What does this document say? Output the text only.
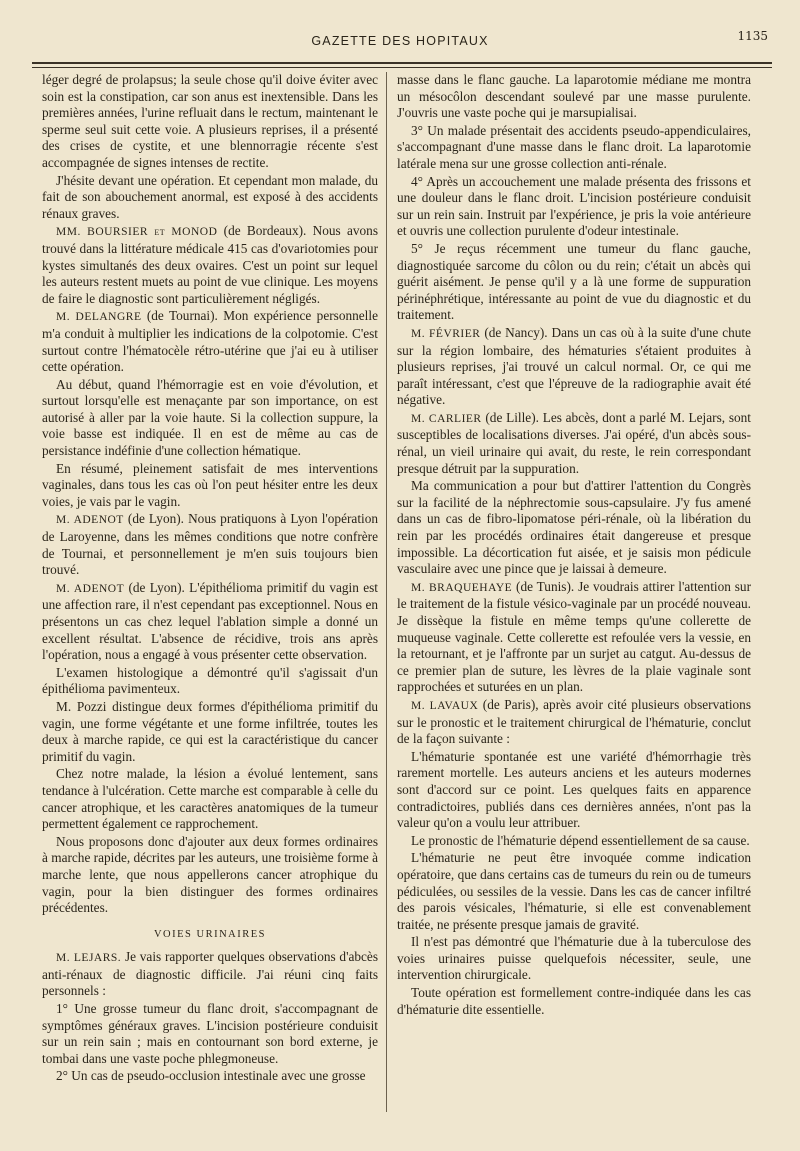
GAZETTE DES HOPITAUX	1135

léger degré de prolapsus; la seule chose qu'il doive éviter avec soin est la constipation, car son anus est inextensible. Dans les premières années, l'urine refluait dans le rectum, maintenant le sperme seul suit cette voie. A plusieurs reprises, il a présenté des crises de cystite, et une blennorragie récente s'est accompagnée de signes intenses de rectite.

J'hésite devant une opération. Et cependant mon malade, du fait de son abouchement anormal, est exposé à des accidents rénaux graves.

MM. BOURSIER et MONOD (de Bordeaux). Nous avons trouvé dans la littérature médicale 415 cas d'ovariotomies pour kystes simultanés des deux ovaires. C'est un point sur lequel les auteurs restent muets au point de vue clinique. Les moyens de faire le diagnostic sont particulièrement négligés.

M. DELANGRE (de Tournai). Mon expérience personnelle m'a conduit à multiplier les indications de la colpotomie. C'est surtout contre l'hématocèle rétro-utérine que j'ai eu à utiliser cette opération.

Au début, quand l'hémorragie est en voie d'évolution, et surtout lorsqu'elle est menaçante par son importance, on est autorisé à aller par la voie haute. Si la collection suppure, la voie basse est indiquée. Il en est de même au cas de persistance indéfinie d'une collection hématique.

En résumé, pleinement satisfait de mes interventions vaginales, dans tous les cas où l'on peut hésiter entre les deux voies, je vais par le vagin.

M. ADENOT (de Lyon). Nous pratiquons à Lyon l'opération de Laroyenne, dans les mêmes conditions que notre confrère de Tournai, et personnellement je m'en suis toujours bien trouvé.

M. ADENOT (de Lyon). L'épithélioma primitif du vagin est une affection rare, il n'est cependant pas exceptionnel. Nous en présentons un cas chez lequel l'ablation simple a donné un excellent résultat. L'absence de récidive, trois ans après l'opération, nous a engagé à vous présenter cette observation.

L'examen histologique a démontré qu'il s'agissait d'un épithélioma pavimenteux.

M. Pozzi distingue deux formes d'épithélioma primitif du vagin, une forme végétante et une forme infiltrée, toutes les deux à marche rapide, ce qui est la caractéristique du cancer primitif du vagin.

Chez notre malade, la lésion a évolué lentement, sans tendance à l'ulcération. Cette marche est comparable à celle du cancer atrophique, et les caractères anatomiques de la tumeur permettent également ce rapprochement.

Nous proposons donc d'ajouter aux deux formes ordinaires à marche rapide, décrites par les auteurs, une troisième forme à marche lente, que nous appellerons cancer atrophique du vagin, pour la bien distinguer des formes ordinaires précédentes.

VOIES URINAIRES

M. LEJARS. Je vais rapporter quelques observations d'abcès anti-rénaux de diagnostic difficile. J'ai réuni cinq faits personnels :

1° Une grosse tumeur du flanc droit, s'accompagnant de symptômes généraux graves. L'incision postérieure conduisit sur un rein sain ; mais en contournant son bord externe, je tombai dans une vaste poche phlegmoneuse.

2° Un cas de pseudo-occlusion intestinale avec une grosse

masse dans le flanc gauche. La laparotomie médiane me montra un mésocôlon descendant soulevé par une masse purulente. J'ouvris une vaste poche qui je marsupialisai.

3° Un malade présentait des accidents pseudo-appendiculaires, s'accompagnant d'une masse dans le flanc droit. La laparotomie latérale mena sur une grosse collection anti-rénale.

4° Après un accouchement une malade présenta des frissons et une douleur dans le flanc droit. L'incision postérieure conduisit sur un rein sain. Instruit par l'expérience, je pris la voie antérieure et ouvris une collection purulente d'odeur intestinale.

5° Je reçus récemment une tumeur du flanc gauche, diagnostiquée sarcome du côlon ou du rein; c'était un abcès qui guérit aisément. Je pense qu'il y a là une forme de suppuration périnéphrétique, intéressante au point de vue du diagnostic et du traitement.

M. FÉVRIER (de Nancy). Dans un cas où à la suite d'une chute sur la région lombaire, des hématuries s'étaient produites à plusieurs reprises, j'ai trouvé un calcul normal. Or, ce qui me paraît intéressant, c'est que l'épreuve de la radiographie avait été négative.

M. CARLIER (de Lille). Les abcès, dont a parlé M. Lejars, sont susceptibles de localisations diverses. J'ai opéré, d'un abcès sous-rénal, un vieil urinaire qui avait, du reste, le rein correspondant presque détruit par la suppuration.

Ma communication a pour but d'attirer l'attention du Congrès sur la facilité de la néphrectomie sous-capsulaire. J'y fus amené dans un cas de fibro-lipomatose péri-rénale, où la libération du rein par les procédés ordinaires était dangereuse et presque impossible. La décortication fut aisée, et je saisis mon pédicule vasculaire avec une pince que je laissai à demeure.

M. BRAQUEHAYE (de Tunis). Je voudrais attirer l'attention sur le traitement de la fistule vésico-vaginale par un procédé nouveau. Je dissèque la fistule en même temps qu'une collerette de muqueuse vaginale. Cette collerette est refoulée vers la vessie, en la retournant, et je l'affronte par un surjet au catgut. Au-dessus de ce premier plan de suture, les lèvres de la plaie vaginale sont rapprochées et suturées en un plan.

M. LAVAUX (de Paris), après avoir cité plusieurs observations sur le pronostic et le traitement chirurgical de l'hématurie, conclut de la façon suivante :

L'hématurie spontanée est une variété d'hémorrhagie très rarement mortelle. Les auteurs anciens et les auteurs modernes sont d'accord sur ce point. Les quelques faits en apparence contradictoires, publiés dans ces dernières années, n'ont pas la valeur qu'on a voulu leur attribuer.

Le pronostic de l'hématurie dépend essentiellement de sa cause.

L'hématurie ne peut être invoquée comme indication opératoire, que dans certains cas de tumeurs du rein ou de tumeurs pédiculées, ou sessiles de la vessie. Dans les cas de cancer infiltré des parois vésicales, l'hématurie, si elle est convenablement traitée, ne présente presque jamais de gravité.

Il n'est pas démontré que l'hématurie due à la tuberculose des voies urinaires puisse quelquefois nécessiter, seule, une intervention chirurgicale.

Toute opération est formellement contre-indiquée dans les cas d'hématurie dite essentielle.
